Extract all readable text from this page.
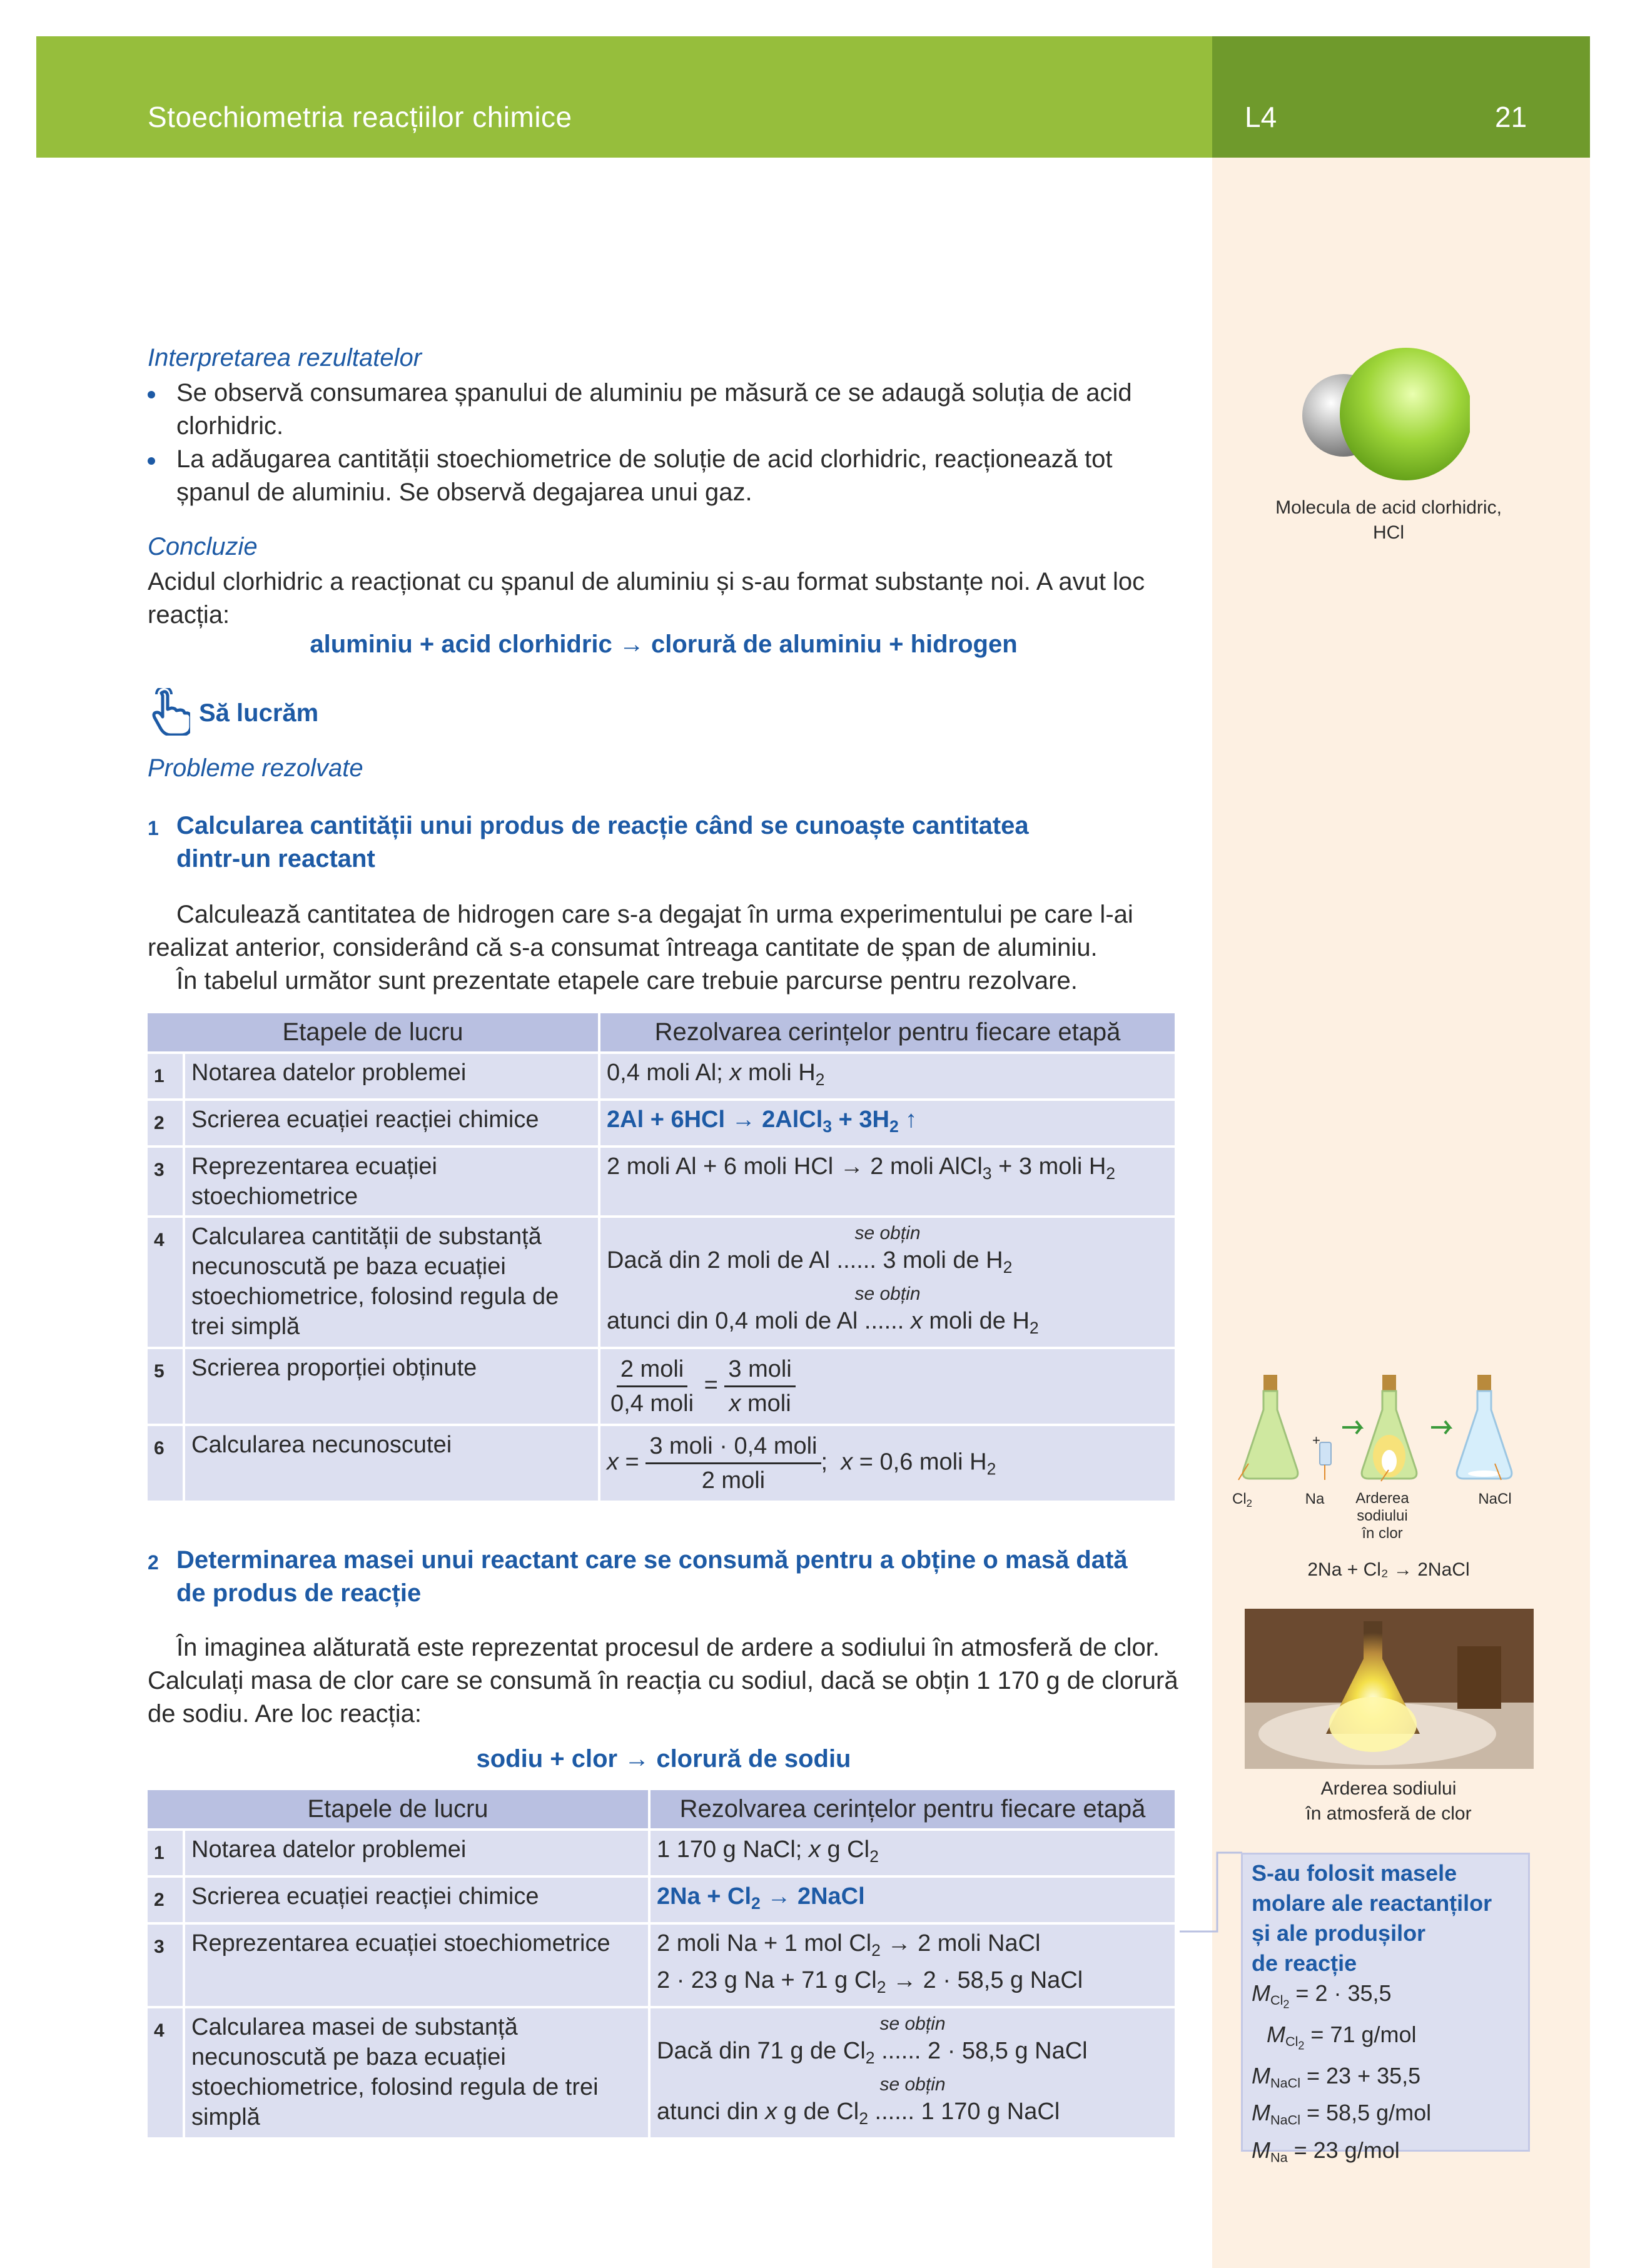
Stoechiometria reacțiilor chimice	L4	21
Interpretarea rezultatelor
Se observă consumarea șpanului de aluminiu pe măsură ce se adaugă soluția de acid
clorhidric.
La adăugarea cantității stoechiometrice de soluție de acid clorhidric, reacționează tot
șpanul de aluminiu. Se observă degajarea unui gaz.
Concluzie
Acidul clorhidric a reacționat cu șpanul de aluminiu și s-au format substanțe noi. A avut loc
reacția:
aluminiu + acid clorhidric → clorură de aluminiu + hidrogen
Să lucrăm
Probleme rezolvate
1 Calcularea cantității unui produs de reacție când se cunoaște cantitatea
dintr-un reactant
Calculează cantitatea de hidrogen care s-a degajat în urma experimentului pe care l-ai
realizat anterior, considerând că s-a consumat întreaga cantitate de șpan de aluminiu.
În tabelul următor sunt prezentate etapele care trebuie parcurse pentru rezolvare.
Etapele de lucru		Rezolvarea cerințelor pentru fiecare etapă
1	Notarea datelor problemei	0,4 moli Al; x moli $H_2$
2	Scrierea ecuației reacției chimice	2Al + 6HCl → 2AlCl$_3$ + $3H_2$ ↑
3	Reprezentarea ecuației stoechiometrice	2 moli Al + 6 moli HCl → 2 moli AlCl$_3$ + 3 moli $H_2$
4	Calcularea cantității de substanță necunoscută pe baza ecuației stoechiometrice, folosind regula de trei simplă	se obțin
Dacă din 2 moli de Al ...... 3 moli de $H_2$
se obțin
atunci din 0,4 moli de Al ...... x moli de $H_2$
5	Scrierea proporției obținute	$\frac{\text{2 moli}}{\text{0,4 moli}} = \frac{\text{3 moli}}{\text{x moli}}$

6	Calcularea necunoscutei	$x = \frac{\text{3 moli · 0,4 moli}}{\text{2 moli}}$ ;  x = 0,6 moli $H_2$
2 Determinarea masei unui reactant care se consumă pentru a obține o masă dată
de produs de reacție
În imaginea alăturată este reprezentat procesul de ardere a sodiului în atmosferă de clor.
Calculați masa de clor care se consumă în reacția cu sodiul, dacă se obțin 1 170 g de clorură
de sodiu. Are loc reacția:
sodiu + clor → clorură de sodiu
Etapele de lucru		Rezolvarea cerințelor pentru fiecare etapă
1	Notarea datelor problemei	1 170 g NaCl; x g $Cl_2$
2	Scrierea ecuației reacției chimice	$2Na + Cl_2$ → 2NaCl
3	Reprezentarea ecuației stoechiometrice	2 moli Na + 1 mol $Cl_2 \to 2$ moli NaCl
2 · 23 g Na + 71 g $Cl_2 \to 2 \cdot 58,5$ g NaCl
4	Calcularea masei de substanță necunoscută pe baza ecuației stoechiometrice, folosind regula de trei simplă	se obțin
Dacă din 71 g de $Cl_2$ ...... 2 · 58,5 g NaCl
se obțin
atunci din x g de $Cl_2$ ...... 1 170 g NaCl
Molecula de acid clorhidric,
HCl
+
$Cl_2$	Na	Arderea
sodiului
în clor
NaCl
2Na + Cl₂ → 2NaCl
Arderea sodiului
în atmosferă de clor
S-au folosit masele
molare ale reactanților
și ale produșilor
de reacție
$M_{Cl_2} = 2 \cdot 35,5$
$M_{Cl_2} = 71$ g/mol
$M_{NaCl} = 23 + 35,5$
$M_{NaCl} = 58,5$ g/mol
$M_{Na} = 23$ g/mol
